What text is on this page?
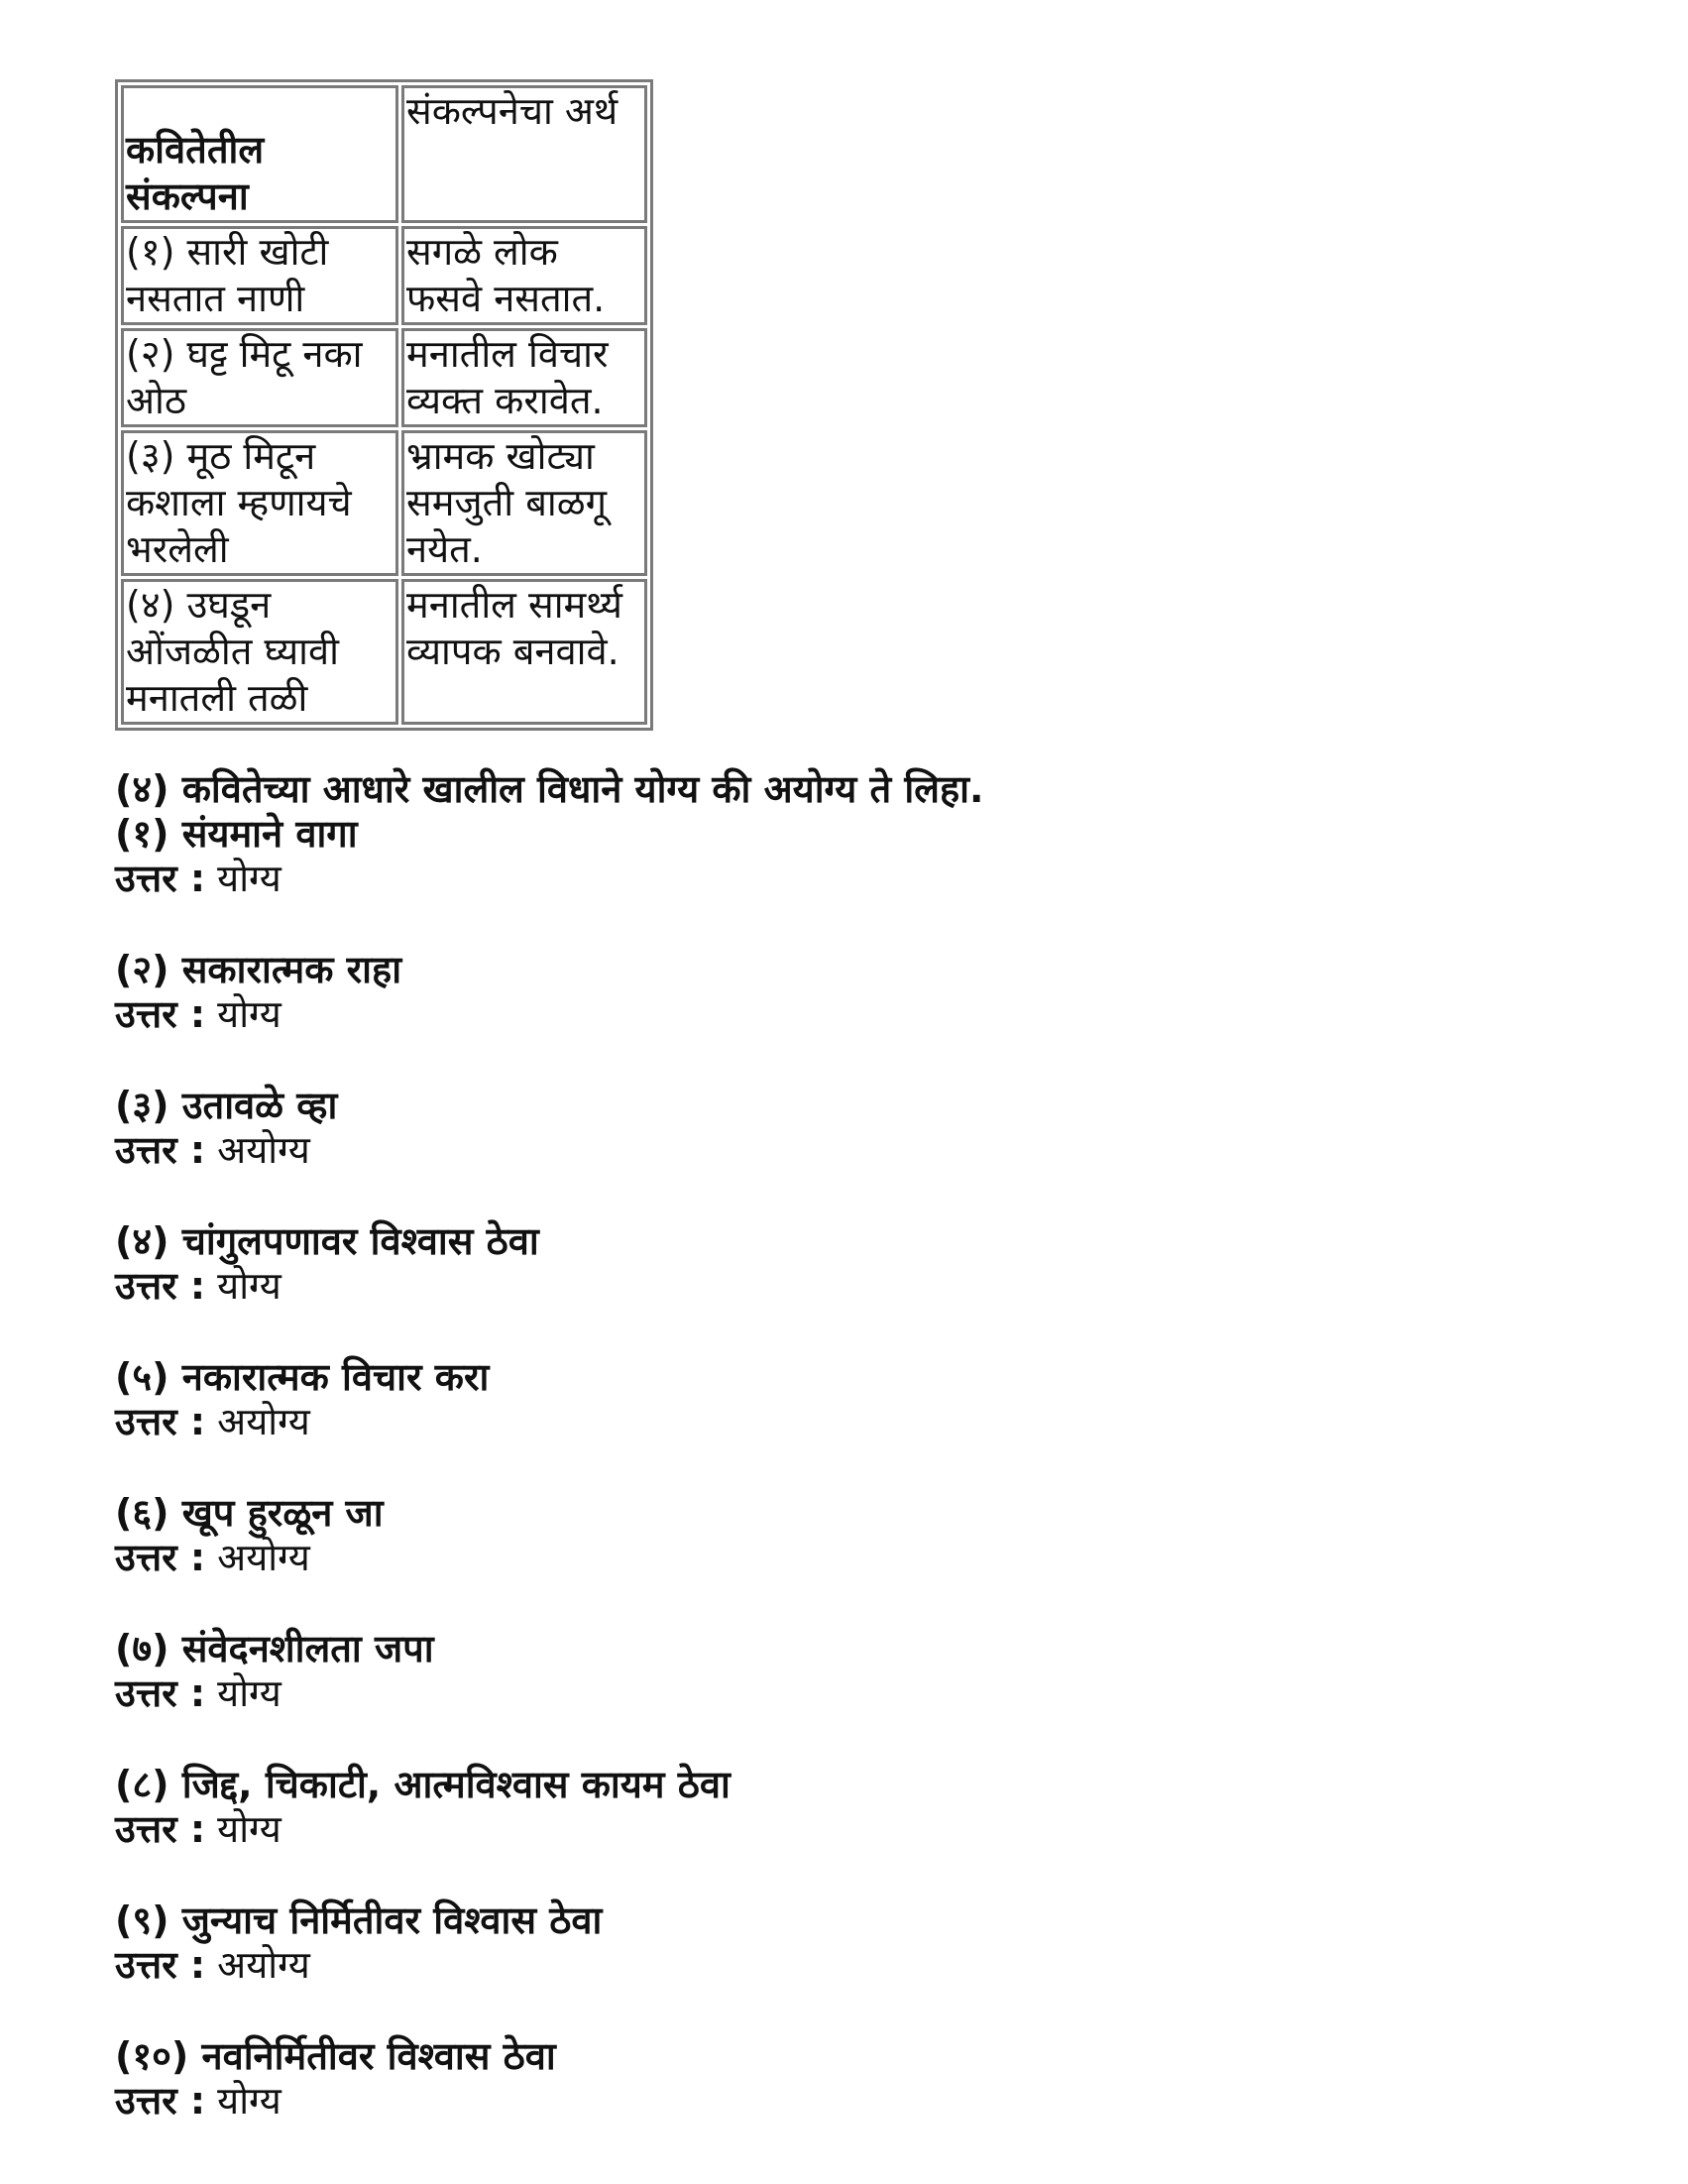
कवितेतील संकल्पना	संकल्पनेचा अर्थ
(१) सारी खोटी नसतात नाणी	सगळे लोक फसवे नसतात.
(२) घट्ट मिटू नका ओठ	मनातील विचार व्यक्त करावेत.
(३) मूठ मिटून कशाला म्हणायचे भरलेली	भ्रामक खोट्या समजुती बाळगू नयेत.
(४) उघडून ओंजळीत घ्यावी मनातली तळी	मनातील सामर्थ्य व्यापक बनवावे.
(४) कवितेच्या आधारे खालील विधाने योग्य की अयोग्य ते लिहा.
(१) संयमाने वागा
उत्तर : योग्य
(२) सकारात्मक राहा
उत्तर : योग्य
(३) उतावळे व्हा
उत्तर : अयोग्य
(४) चांगुलपणावर विश्वास ठेवा
उत्तर : योग्य
(५) नकारात्मक विचार करा
उत्तर : अयोग्य
(६) खूप हुरळून जा
उत्तर : अयोग्य
(७) संवेदनशीलता जपा
उत्तर : योग्य
(८) जिद्द, चिकाटी, आत्मविश्वास कायम ठेवा
उत्तर : योग्य
(९) जुन्याच निर्मितीवर विश्वास ठेवा
उत्तर : अयोग्य
(१०) नवनिर्मितीवर विश्वास ठेवा
उत्तर : योग्य
